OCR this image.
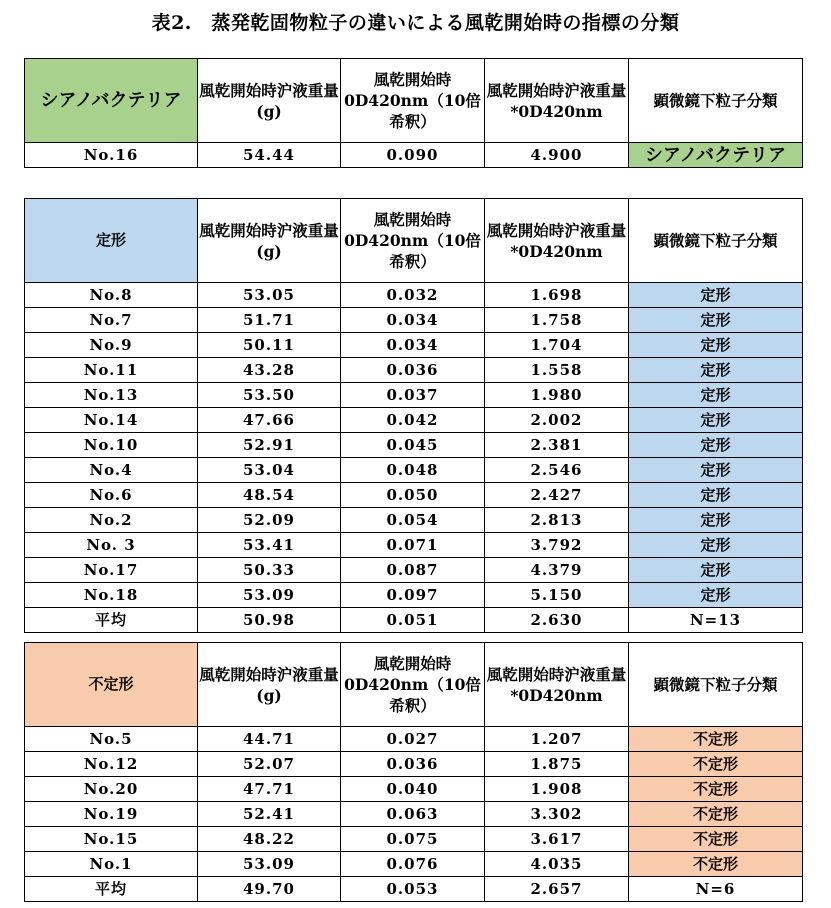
表2.　蒸発乾固物粒子の違いによる風乾開始時の指標の分類
シアノバクテリア	風乾開始時沪液重量(g)	風乾開始時0D420nm（10倍希釈）	風乾開始時沪液重量*0D420nm	顕微鏡下粒子分類
No.16	54.44	0.090	4.900	シアノバクテリア
定形	風乾開始時沪液重量(g)	風乾開始時0D420nm（10倍希釈）	風乾開始時沪液重量*0D420nm	顕微鏡下粒子分類
No.8	53.05	0.032	1.698	定形
No.7	51.71	0.034	1.758	定形
No.9	50.11	0.034	1.704	定形
No.11	43.28	0.036	1.558	定形
No.13	53.50	0.037	1.980	定形
No.14	47.66	0.042	2.002	定形
No.10	52.91	0.045	2.381	定形
No.4	53.04	0.048	2.546	定形
No.6	48.54	0.050	2.427	定形
No.2	52.09	0.054	2.813	定形
No. 3	53.41	0.071	3.792	定形
No.17	50.33	0.087	4.379	定形
No.18	53.09	0.097	5.150	定形
平均	50.98	0.051	2.630	N=13
不定形	風乾開始時沪液重量(g)	風乾開始時0D420nm（10倍希釈）	風乾開始時沪液重量*0D420nm	顕微鏡下粒子分類
No.5	44.71	0.027	1.207	不定形
No.12	52.07	0.036	1.875	不定形
No.20	47.71	0.040	1.908	不定形
No.19	52.41	0.063	3.302	不定形
No.15	48.22	0.075	3.617	不定形
No.1	53.09	0.076	4.035	不定形
平均	49.70	0.053	2.657	N=6
